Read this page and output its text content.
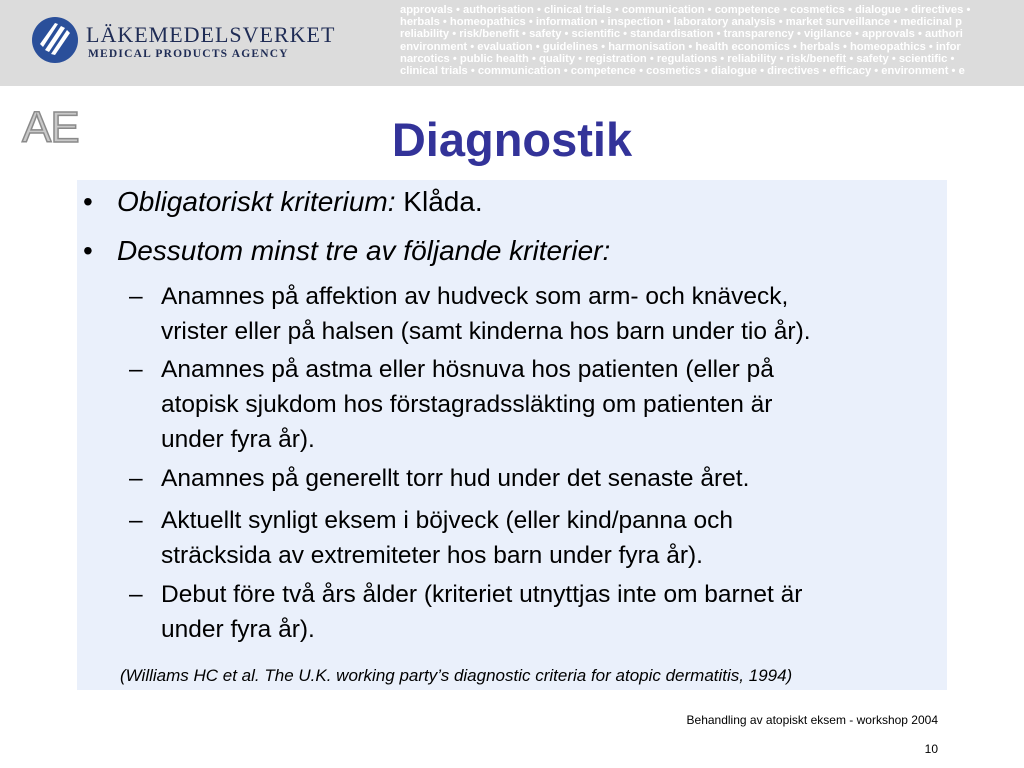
LÄKEMEDELSVERKET
MEDICAL PRODUCTS AGENCY
approvals • authorisation • clinical trials • communication • competence • cosmetics • dialogue • directives •
herbals • homeopathics • information • inspection • laboratory analysis • market surveillance • medicinal p
reliability • risk/benefit • safety • scientific • standardisation • transparency • vigilance • approvals • authori
environment • evaluation • guidelines • harmonisation • health economics • herbals • homeopathics • infor
narcotics • public health • quality • registration • regulations • reliability • risk/benefit • safety • scientific •
clinical trials • communication • competence • cosmetics • dialogue • directives • efficacy • environment • e
AE	Diagnostik
• Obligatoriskt kriterium: Klåda.
• Dessutom minst tre av följande kriterier:
– Anamnes på affektion av hudveck som arm- och knäveck,
vrister eller på halsen (samt kinderna hos barn under tio år).
– Anamnes på astma eller hösnuva hos patienten (eller på
atopisk sjukdom hos förstagradssläkting om patienten är
under fyra år).
– Anamnes på generellt torr hud under det senaste året.
– Aktuellt synligt eksem i böjveck (eller kind/panna och
sträcksida av extremiteter hos barn under fyra år).
– Debut före två års ålder (kriteriet utnyttjas inte om barnet är
under fyra år).
(Williams HC et al. The U.K. working party’s diagnostic criteria for atopic dermatitis, 1994)
Behandling av atopiskt eksem - workshop 2004
10
